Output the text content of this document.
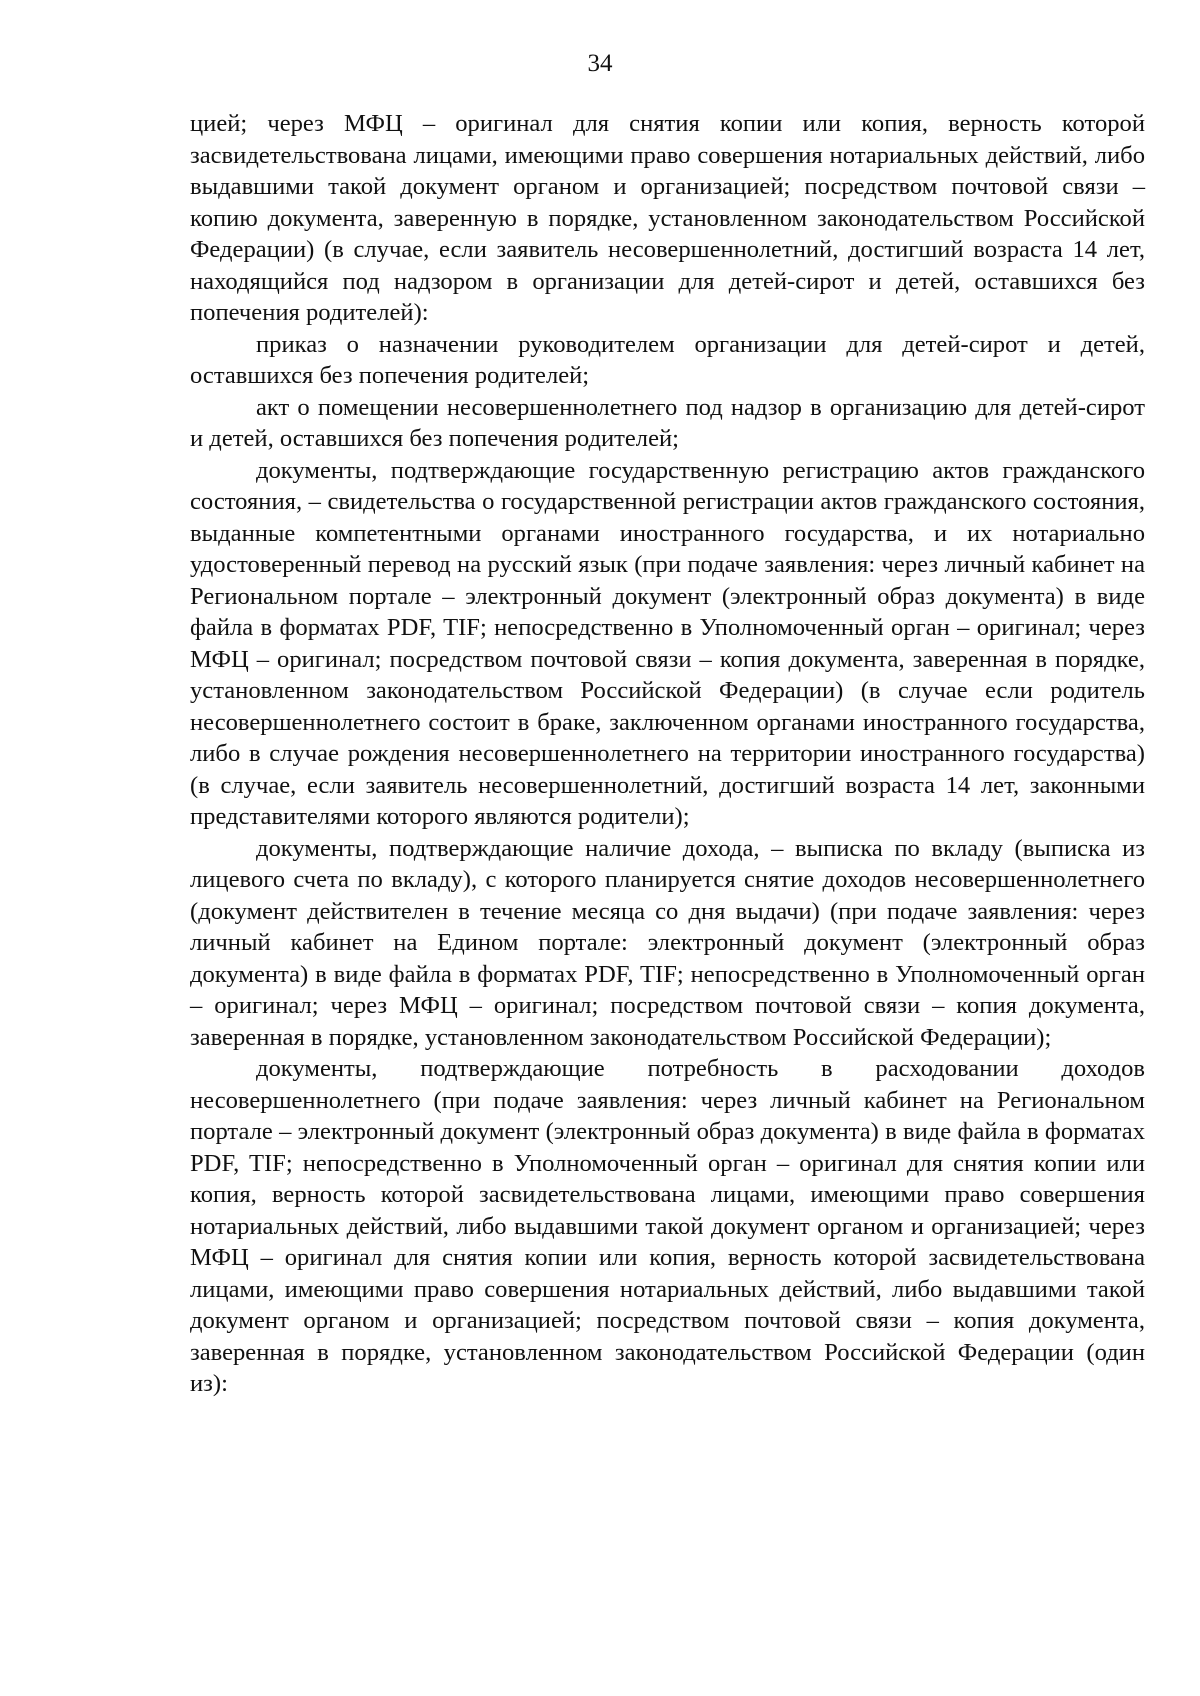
34

цией; через МФЦ – оригинал для снятия копии или копия, верность которой засвидетельствована лицами, имеющими право совершения нотариальных действий, либо выдавшими такой документ органом и организацией; посредством почтовой связи – копию документа, заверенную в порядке, установленном законодательством Российской Федерации) (в случае, если заявитель несовершеннолетний, достигший возраста 14 лет, находящийся под надзором в организации для детей-сирот и детей, оставшихся без попечения родителей):

приказ о назначении руководителем организации для детей-сирот и детей, оставшихся без попечения родителей;

акт о помещении несовершеннолетнего под надзор в организацию для детей-сирот и детей, оставшихся без попечения родителей;

документы, подтверждающие государственную регистрацию актов гражданского состояния, – свидетельства о государственной регистрации актов гражданского состояния, выданные компетентными органами иностранного государства, и их нотариально удостоверенный перевод на русский язык (при подаче заявления: через личный кабинет на Региональном портале – электронный документ (электронный образ документа) в виде файла в форматах PDF, TIF; непосредственно в Уполномоченный орган – оригинал; через МФЦ – оригинал; посредством почтовой связи – копия документа, заверенная в порядке, установленном законодательством Российской Федерации) (в случае если родитель несовершеннолетнего состоит в браке, заключенном органами иностранного государства, либо в случае рождения несовершеннолетнего на территории иностранного государства) (в случае, если заявитель несовершеннолетний, достигший возраста 14 лет, законными представителями которого являются родители);

документы, подтверждающие наличие дохода, – выписка по вкладу (выписка из лицевого счета по вкладу), с которого планируется снятие доходов несовершеннолетнего (документ действителен в течение месяца со дня выдачи) (при подаче заявления: через личный кабинет на Едином портале: электронный документ (электронный образ документа) в виде файла в форматах PDF, TIF; непосредственно в Уполномоченный орган – оригинал; через МФЦ – оригинал; посредством почтовой связи – копия документа, заверенная в порядке, установленном законодательством Российской Федерации);

документы, подтверждающие потребность в расходовании доходов несовершеннолетнего (при подаче заявления: через личный кабинет на Региональном портале – электронный документ (электронный образ документа) в виде файла в форматах PDF, TIF; непосредственно в Уполномоченный орган – оригинал для снятия копии или копия, верность которой засвидетельствована лицами, имеющими право совершения нотариальных действий, либо выдавшими такой документ органом и организацией; через МФЦ – оригинал для снятия копии или копия, верность которой засвидетельствована лицами, имеющими право совершения нотариальных действий, либо выдавшими такой документ органом и организацией; посредством почтовой связи – копия документа, заверенная в порядке, установленном законодательством Российской Федерации (один из):
